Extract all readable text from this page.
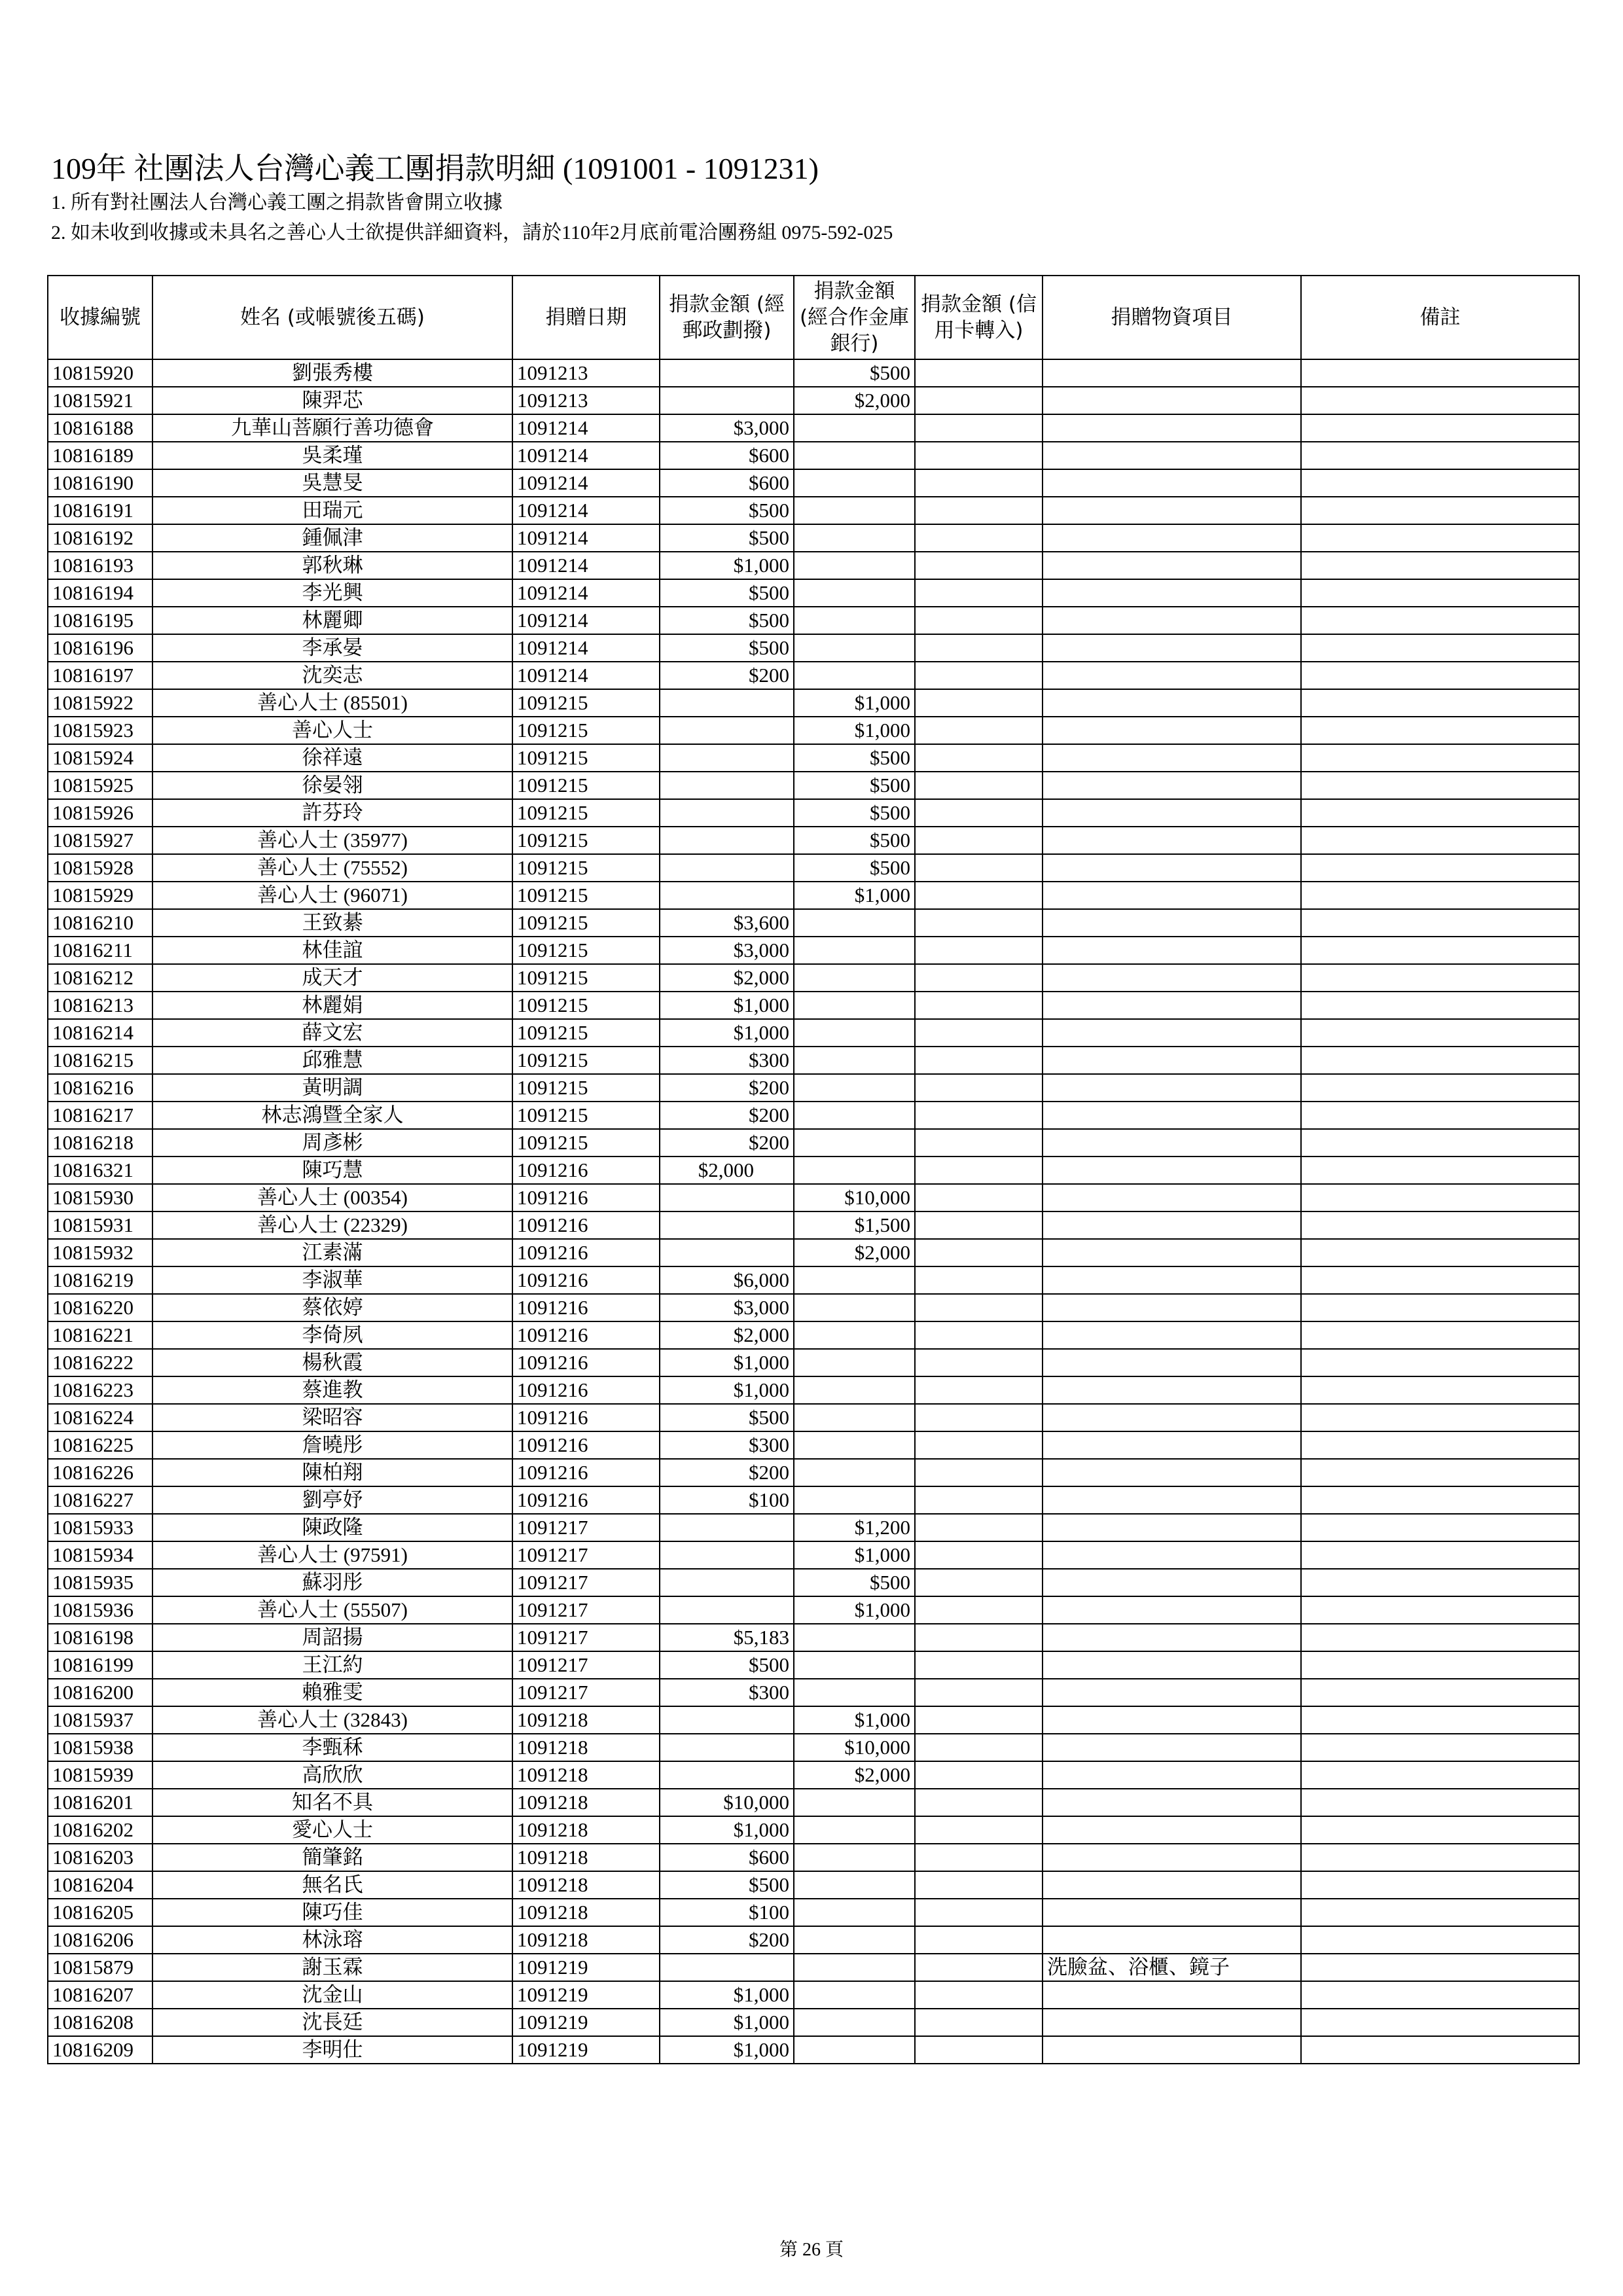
109年 社團法人台灣心義工團捐款明細 (1091001 - 1091231)

1. 所有對社團法人台灣心義工團之捐款皆會開立收據

2. 如未收到收據或未具名之善心人士欲提供詳細資料，請於110年2月底前電洽團務組 0975-592-025

收據編號	姓名 (或帳號後五碼)	捐贈日期	捐款金額 (經郵政劃撥)	捐款金額 (經合作金庫銀行)	捐款金額 (信用卡轉入)	捐贈物資項目	備註
10815920	劉張秀樓	1091213		$500			
10815921	陳羿芯	1091213		$2,000			
10816188	九華山菩願行善功德會	1091214	$3,000				
10816189	吳柔瑾	1091214	$600				
10816190	吳慧旻	1091214	$600				
10816191	田瑞元	1091214	$500				
10816192	鍾佩津	1091214	$500				
10816193	郭秋琳	1091214	$1,000				
10816194	李光興	1091214	$500				
10816195	林麗卿	1091214	$500				
10816196	李承晏	1091214	$500				
10816197	沈奕志	1091214	$200				
10815922	善心人士 (85501)	1091215		$1,000			
10815923	善心人士	1091215		$1,000			
10815924	徐祥遠	1091215		$500			
10815925	徐晏翎	1091215		$500			
10815926	許芬玲	1091215		$500			
10815927	善心人士 (35977)	1091215		$500			
10815928	善心人士 (75552)	1091215		$500			
10815929	善心人士 (96071)	1091215		$1,000			
10816210	王致綦	1091215	$3,600				
10816211	林佳誼	1091215	$3,000				
10816212	成天才	1091215	$2,000				
10816213	林麗娟	1091215	$1,000				
10816214	薛文宏	1091215	$1,000				
10816215	邱雅慧	1091215	$300				
10816216	黃明調	1091215	$200				
10816217	林志鴻暨全家人	1091215	$200				
10816218	周彥彬	1091215	$200				
10816321	陳巧慧	1091216	$2,000				
10815930	善心人士 (00354)	1091216		$10,000			
10815931	善心人士 (22329)	1091216		$1,500			
10815932	江素滿	1091216		$2,000			
10816219	李淑華	1091216	$6,000				
10816220	蔡依婷	1091216	$3,000				
10816221	李倚夙	1091216	$2,000				
10816222	楊秋霞	1091216	$1,000				
10816223	蔡進教	1091216	$1,000				
10816224	梁昭容	1091216	$500				
10816225	詹曉彤	1091216	$300				
10816226	陳柏翔	1091216	$200				
10816227	劉亭妤	1091216	$100				
10815933	陳政隆	1091217		$1,200			
10815934	善心人士 (97591)	1091217		$1,000			
10815935	蘇羽彤	1091217		$500			
10815936	善心人士 (55507)	1091217		$1,000			
10816198	周詔揚	1091217	$5,183				
10816199	王江約	1091217	$500				
10816200	賴雅雯	1091217	$300				
10815937	善心人士 (32843)	1091218		$1,000			
10815938	李甄秝	1091218		$10,000			
10815939	高欣欣	1091218		$2,000			
10816201	知名不具	1091218	$10,000				
10816202	愛心人士	1091218	$1,000				
10816203	簡肇銘	1091218	$600				
10816204	無名氏	1091218	$500				
10816205	陳巧佳	1091218	$100				
10816206	林泳瑢	1091218	$200				
10815879	謝玉霖	1091219				洗臉盆、浴櫃、鏡子	
10816207	沈金山	1091219	$1,000				
10816208	沈長廷	1091219	$1,000				
10816209	李明仕	1091219	$1,000				
第 26 頁
